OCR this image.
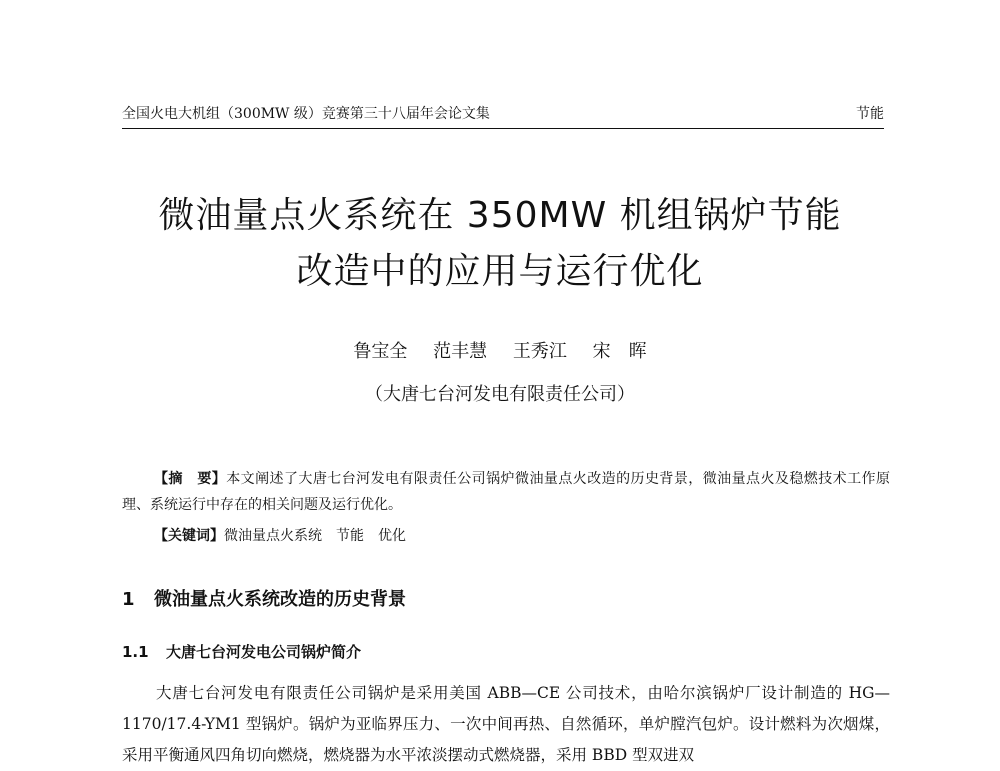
全国火电大机组（300MW 级）竞赛第三十八届年会论文集	节能
微油量点火系统在 350MW 机组锅炉节能
改造中的应用与运行优化
鲁宝全 范丰慧 王秀江 宋　晖
（大唐七台河发电有限责任公司）
【摘　要】本文阐述了大唐七台河发电有限责任公司锅炉微油量点火改造的历史背景，微油量点火及稳燃技术工作原理、系统运行中存在的相关问题及运行优化。
【关键词】微油量点火系统　节能　优化
1 微油量点火系统改造的历史背景
1.1 大唐七台河发电公司锅炉简介
大唐七台河发电有限责任公司锅炉是采用美国 ABB—CE 公司技术，由哈尔滨锅炉厂设计制造的 HG—1170/17.4-YM1 型锅炉。锅炉为亚临界压力、一次中间再热、自然循环，单炉膛汽包炉。设计燃料为次烟煤，采用平衡通风四角切向燃烧，燃烧器为水平浓淡摆动式燃烧器，采用 BBD 型双进双
